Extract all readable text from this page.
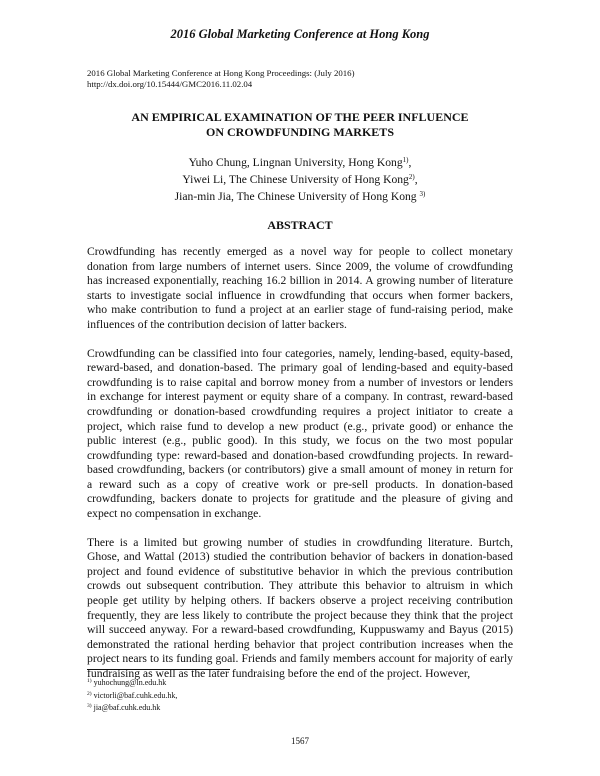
2016 Global Marketing Conference at Hong Kong
2016 Global Marketing Conference at Hong Kong Proceedings: (July 2016)
http://dx.doi.org/10.15444/GMC2016.11.02.04
AN EMPIRICAL EXAMINATION OF THE PEER INFLUENCE
ON CROWDFUNDING MARKETS
Yuho Chung, Lingnan University, Hong Kong$^{1)}$,
Yiwei Li, The Chinese University of Hong Kong$^{2)}$,
Jian-min Jia, The Chinese University of Hong Kong $^{3)}$
ABSTRACT

Crowdfunding has recently emerged as a novel way for people to collect monetary donation from large numbers of internet users. Since 2009, the volume of crowdfunding has increased exponentially, reaching 16.2 billion in 2014. A growing number of literature starts to investigate social influence in crowdfunding that occurs when former backers, who make contribution to fund a project at an earlier stage of fund-raising period, make influences of the contribution decision of latter backers.

Crowdfunding can be classified into four categories, namely, lending-based, equity-based, reward-based, and donation-based. The primary goal of lending-based and equity-based crowdfunding is to raise capital and borrow money from a number of investors or lenders in exchange for interest payment or equity share of a company. In contrast, reward-based crowdfunding or donation-based crowdfunding requires a project initiator to create a project, which raise fund to develop a new product (e.g., private good) or enhance the public interest (e.g., public good). In this study, we focus on the two most popular crowdfunding type: reward-based and donation-based crowdfunding projects. In reward-based crowdfunding, backers (or contributors) give a small amount of money in return for a reward such as a copy of creative work or pre-sell products. In donation-based crowdfunding, backers donate to projects for gratitude and the pleasure of giving and expect no compensation in exchange.

There is a limited but growing number of studies in crowdfunding literature. Burtch, Ghose, and Wattal (2013) studied the contribution behavior of backers in donation-based project and found evidence of substitutive behavior in which the previous contribution crowds out subsequent contribution. They attribute this behavior to altruism in which people get utility by helping others. If backers observe a project receiving contribution frequently, they are less likely to contribute the project because they think that the project will succeed anyway. For a reward-based crowdfunding, Kuppuswamy and Bayus (2015) demonstrated the rational herding behavior that project contribution increases when the project nears to its funding goal. Friends and family members account for majority of early fundraising as well as the later fundraising before the end of the project. However,

$^{1)}$ yuhochung@ln.edu.hk
$^{2)}$ victorli@baf.cuhk.edu.hk,
$^{3)}$ jia@baf.cuhk.edu.hk
1567
